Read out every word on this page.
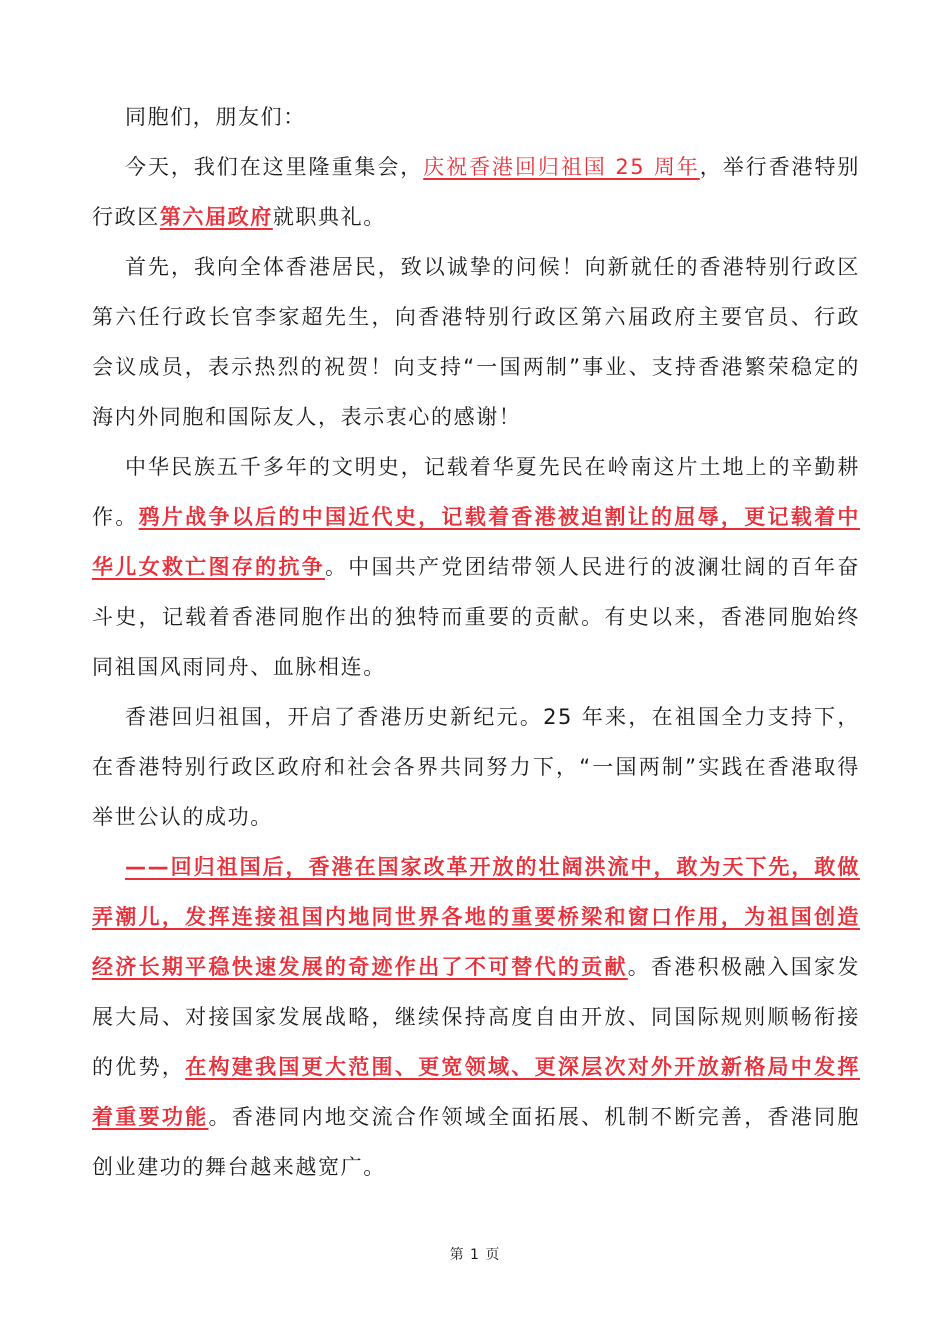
同胞们，朋友们：

今天，我们在这里隆重集会，庆祝香港回归祖国 25 周年，举行香港特别行政区第六届政府就职典礼。

首先，我向全体香港居民，致以诚挚的问候！向新就任的香港特别行政区第六任行政长官李家超先生，向香港特别行政区第六届政府主要官员、行政会议成员，表示热烈的祝贺！向支持“一国两制”事业、支持香港繁荣稳定的海内外同胞和国际友人，表示衷心的感谢！

中华民族五千多年的文明史，记载着华夏先民在岭南这片土地上的辛勤耕作。鸦片战争以后的中国近代史，记载着香港被迫割让的屈辱，更记载着中华儿女救亡图存的抗争。中国共产党团结带领人民进行的波澜壮阔的百年奋斗史，记载着香港同胞作出的独特而重要的贡献。有史以来，香港同胞始终同祖国风雨同舟、血脉相连。

香港回归祖国，开启了香港历史新纪元。25 年来，在祖国全力支持下，在香港特别行政区政府和社会各界共同努力下，“一国两制”实践在香港取得举世公认的成功。

——回归祖国后，香港在国家改革开放的壮阔洪流中，敢为天下先，敢做弄潮儿，发挥连接祖国内地同世界各地的重要桥梁和窗口作用，为祖国创造经济长期平稳快速发展的奇迹作出了不可替代的贡献。香港积极融入国家发展大局、对接国家发展战略，继续保持高度自由开放、同国际规则顺畅衔接的优势，在构建我国更大范围、更宽领域、更深层次对外开放新格局中发挥着重要功能。香港同内地交流合作领域全面拓展、机制不断完善，香港同胞创业建功的舞台越来越宽广。

第 1 页
